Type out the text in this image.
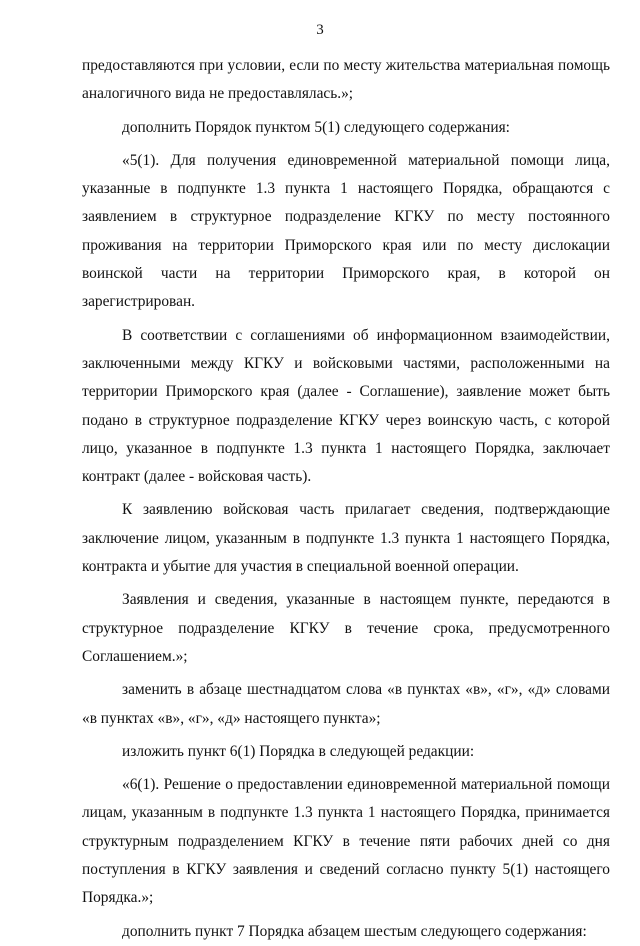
3
предоставляются при условии, если по месту жительства материальная помощь
аналогичного вида не предоставлялась.»;
дополнить Порядок пунктом 5(1) следующего содержания:
«5(1). Для получения единовременной материальной помощи лица,
указанные в подпункте 1.3 пункта 1 настоящего Порядка, обращаются с
заявлением в структурное подразделение КГКУ по месту постоянного
проживания на территории Приморского края или по месту дислокации
воинской части на территории Приморского края, в которой он
зарегистрирован.
В соответствии с соглашениями об информационном взаимодействии,
заключенными между КГКУ и войсковыми частями, расположенными на
территории Приморского края (далее - Соглашение), заявление может быть
подано в структурное подразделение КГКУ через воинскую часть, с которой
лицо, указанное в подпункте 1.3 пункта 1 настоящего Порядка, заключает
контракт (далее - войсковая часть).
К заявлению войсковая часть прилагает сведения, подтверждающие
заключение лицом, указанным в подпункте 1.3 пункта 1 настоящего Порядка,
контракта и убытие для участия в специальной военной операции.
Заявления и сведения, указанные в настоящем пункте, передаются в
структурное подразделение КГКУ в течение срока, предусмотренного
Соглашением.»;
заменить в абзаце шестнадцатом слова «в пунктах «в», «г», «д» словами
«в пунктах «в», «г», «д» настоящего пункта»;
изложить пункт 6(1) Порядка в следующей редакции:
«6(1). Решение о предоставлении единовременной материальной помощи
лицам, указанным в подпункте 1.3 пункта 1 настоящего Порядка, принимается
структурным подразделением КГКУ в течение пяти рабочих дней со дня
поступления в КГКУ заявления и сведений согласно пункту 5(1) настоящего
Порядка.»;
дополнить пункт 7 Порядка абзацем шестым следующего содержания:
